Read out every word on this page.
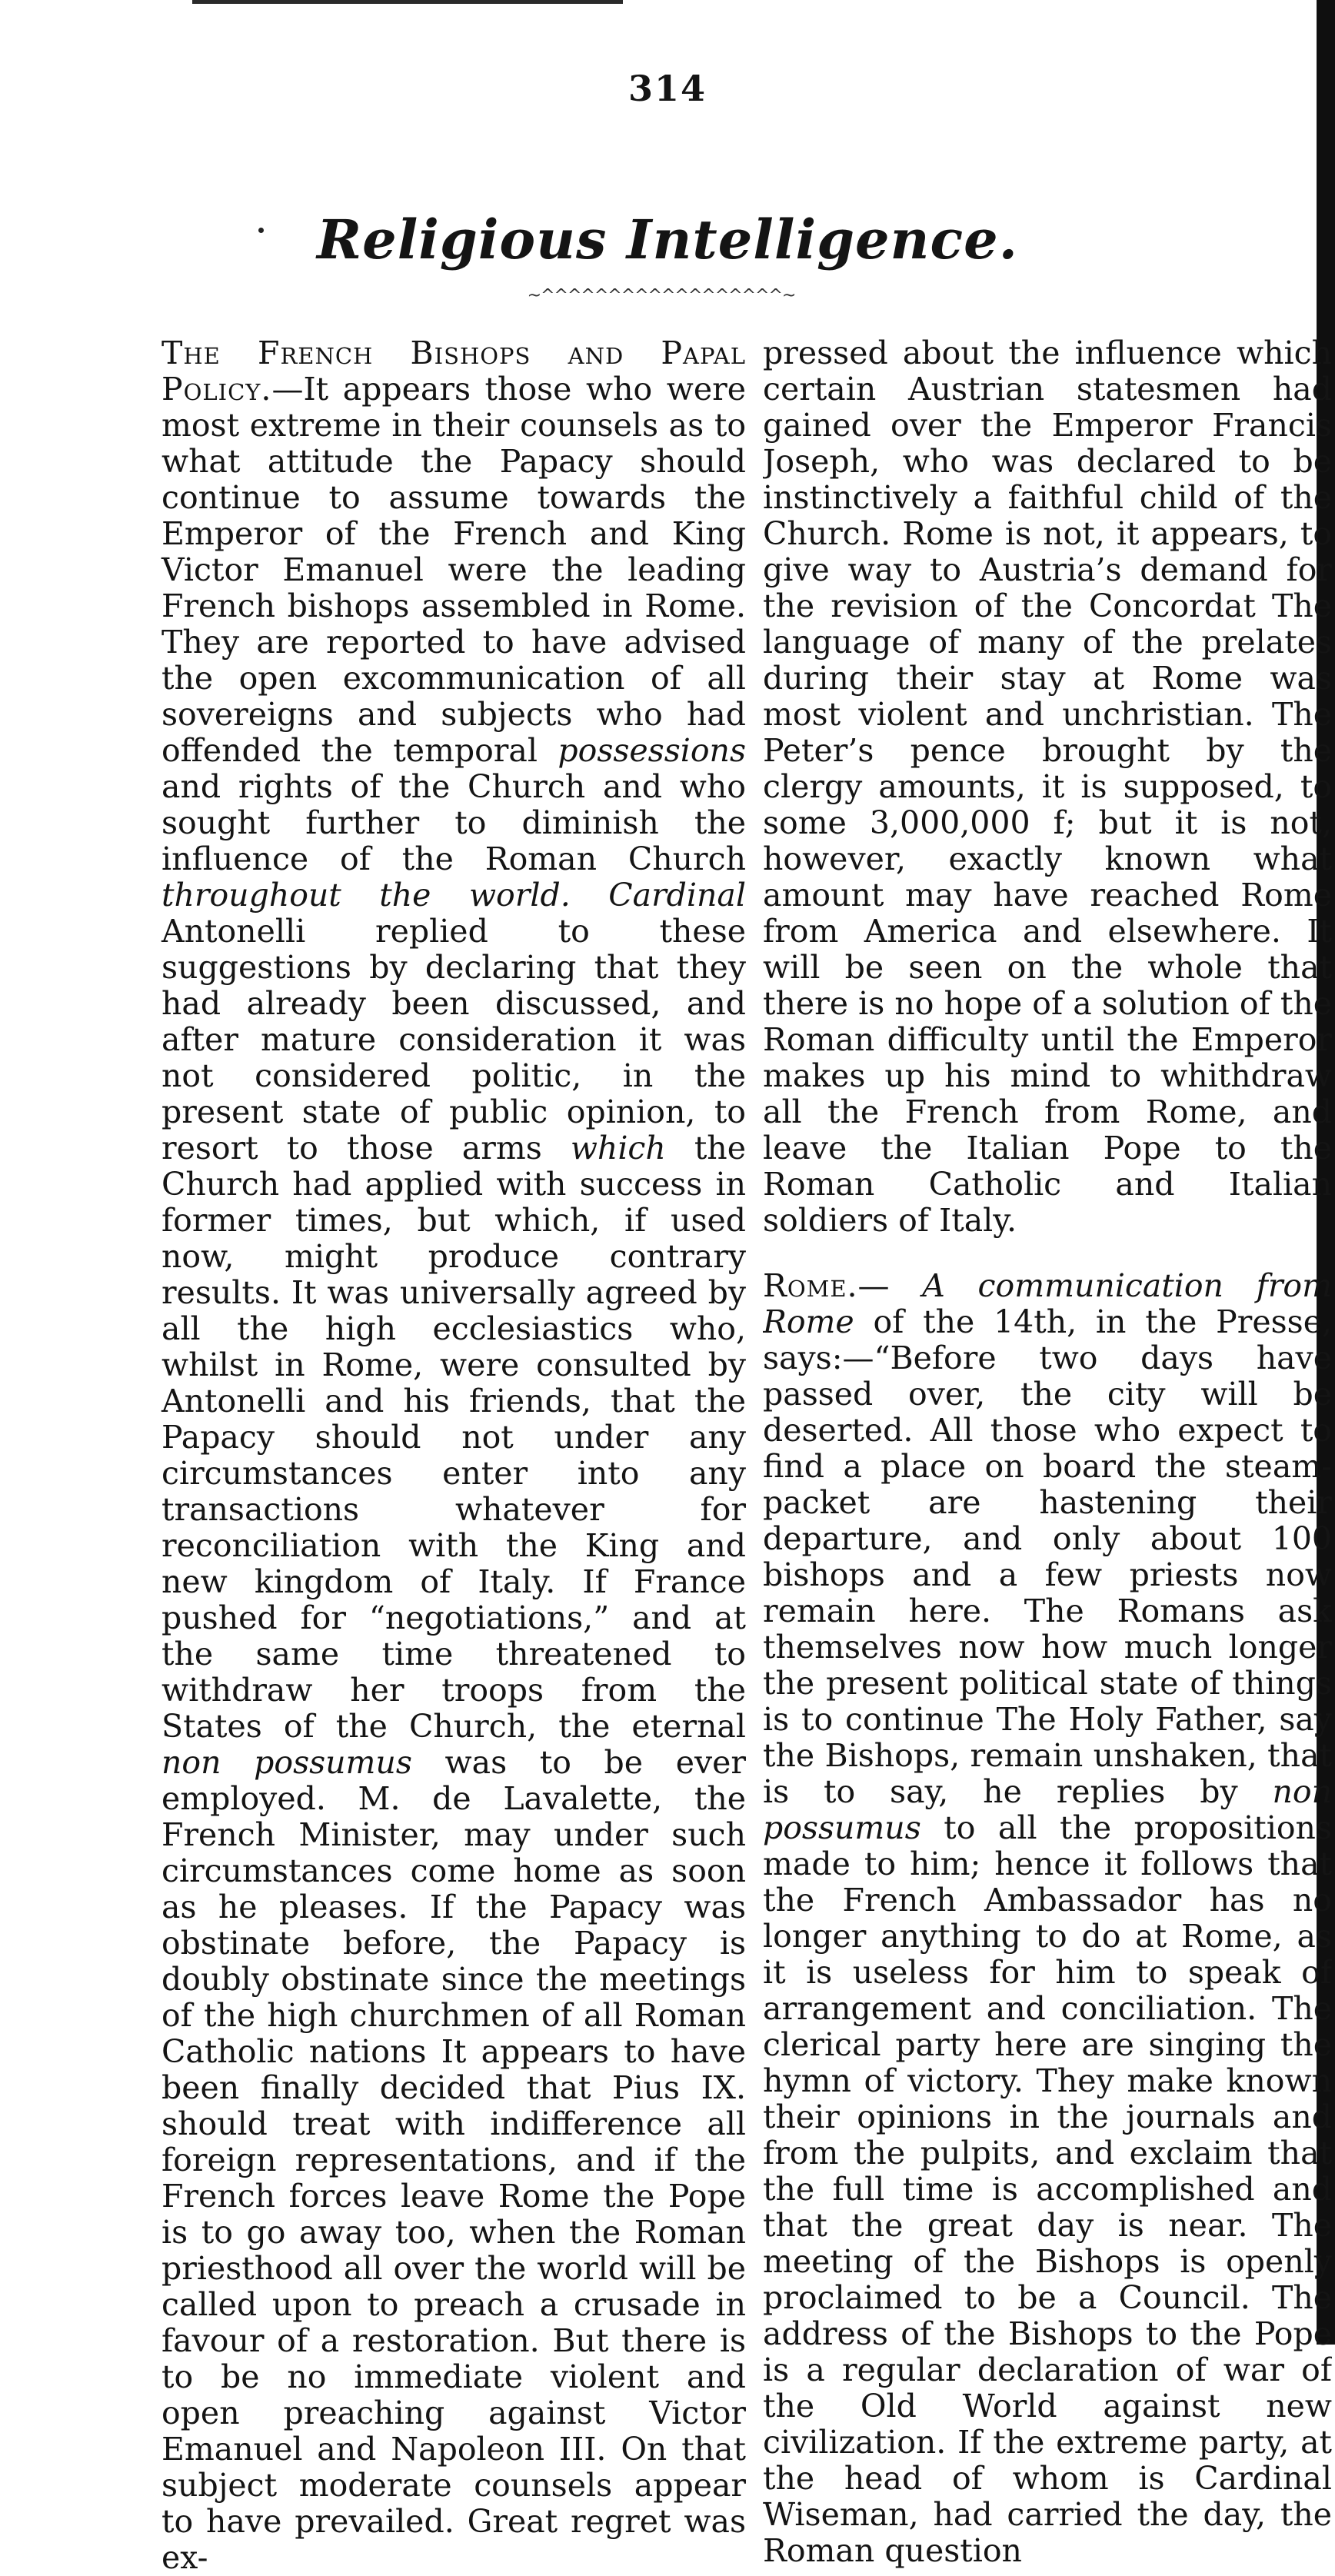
314
Religious Intelligence.
~^^^^^^^^^^^^^^^^^^~

The French Bishops and Papal Policy.—It appears those who were most extreme in their counsels as to what attitude the Papacy should continue to assume towards the Emperor of the French and King Victor Emanuel were the leading French bishops assembled in Rome. They are reported to have advised the open excommunication of all sovereigns and subjects who had offended the temporal possessions and rights of the Church and who sought further to diminish the influence of the Roman Church throughout the world. Cardinal Antonelli replied to these suggestions by declaring that they had already been discussed, and after mature consideration it was not considered politic, in the present state of public opinion, to resort to those arms which the Church had applied with success in former times, but which, if used now, might produce contrary results. It was universally agreed by all the high ecclesiastics who, whilst in Rome, were consulted by Antonelli and his friends, that the Papacy should not under any circumstances enter into any transactions whatever for reconciliation with the King and new kingdom of Italy. If France pushed for “negotiations,” and at the same time threatened to withdraw her troops from the States of the Church, the eternal non possumus was to be ever employed. M. de Lavalette, the French Minister, may under such circumstances come home as soon as he pleases. If the Papacy was obstinate before, the Papacy is doubly obstinate since the meetings of the high churchmen of all Roman Catholic nations It appears to have been finally decided that Pius IX. should treat with indifference all foreign representations, and if the French forces leave Rome the Pope is to go away too, when the Roman priesthood all over the world will be called upon to preach a crusade in favour of a restoration. But there is to be no immediate violent and open preaching against Victor Emanuel and Napoleon III. On that subject moderate counsels appear to have prevailed. Great regret was ex-

pressed about the influence which certain Austrian statesmen had gained over the Emperor Francis Joseph, who was declared to be instinctively a faithful child of the Church. Rome is not, it appears, to give way to Austria’s demand for the revision of the Concordat The language of many of the prelates during their stay at Rome was most violent and unchristian. The Peter’s pence brought by the clergy amounts, it is supposed, to some 3,000,000 f; but it is not, however, exactly known what amount may have reached Rome from America and elsewhere. It will be seen on the whole that there is no hope of a solution of the Roman difficulty until the Emperor makes up his mind to whithdraw all the French from Rome, and leave the Italian Pope to the Roman Catholic and Italian soldiers of Italy.

Rome.— A communication from Rome of the 14th, in the Presse, says:—“Before two days have passed over, the city will be deserted. All those who expect to find a place on board the steam-packet are hastening their departure, and only about 100 bishops and a few priests now remain here. The Romans ask themselves now how much longer the present political state of things is to continue The Holy Father, say the Bishops, remain unshaken, that is to say, he replies by non possumus to all the propositions made to him; hence it follows that the French Ambassador has no longer anything to do at Rome, as it is useless for him to speak of arrangement and conciliation. The clerical party here are singing the hymn of victory. They make known their opinions in the journals and from the pulpits, and exclaim that the full time is accomplished and that the great day is near. The meeting of the Bishops is openly proclaimed to be a Council. The address of the Bishops to the Pope is a regular declaration of war of the Old World against new civilization. If the extreme party, at the head of whom is Cardinal Wiseman, had carried the day, the Roman question
